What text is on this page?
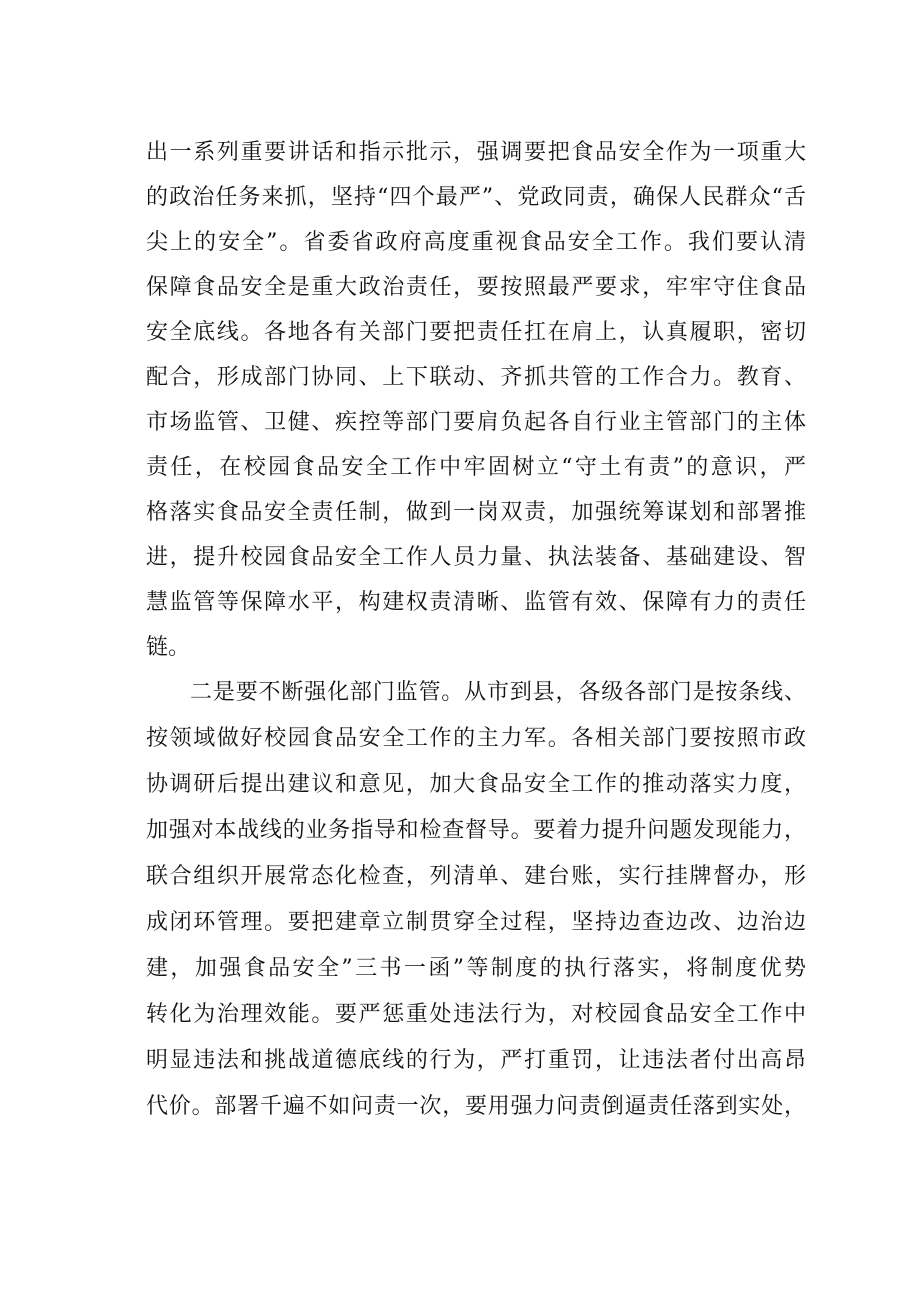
出一系列重要讲话和指示批示，强调要把食品安全作为一项重大
的政治任务来抓，坚持“四个最严”、党政同责，确保人民群众“舌
尖上的安全”。省委省政府高度重视食品安全工作。我们要认清
保障食品安全是重大政治责任，要按照最严要求，牢牢守住食品
安全底线。各地各有关部门要把责任扛在肩上，认真履职，密切
配合，形成部门协同、上下联动、齐抓共管的工作合力。教育、
市场监管、卫健、疾控等部门要肩负起各自行业主管部门的主体
责任，在校园食品安全工作中牢固树立“守土有责”的意识，严
格落实食品安全责任制，做到一岗双责，加强统筹谋划和部署推
进，提升校园食品安全工作人员力量、执法装备、基础建设、智
慧监管等保障水平，构建权责清晰、监管有效、保障有力的责任
链。
二是要不断强化部门监管。从市到县，各级各部门是按条线、
按领域做好校园食品安全工作的主力军。各相关部门要按照市政
协调研后提出建议和意见，加大食品安全工作的推动落实力度，
加强对本战线的业务指导和检查督导。要着力提升问题发现能力，
联合组织开展常态化检查，列清单、建台账，实行挂牌督办，形
成闭环管理。要把建章立制贯穿全过程，坚持边查边改、边治边
建，加强食品安全”三书一函”等制度的执行落实，将制度优势
转化为治理效能。要严惩重处违法行为，对校园食品安全工作中
明显违法和挑战道德底线的行为，严打重罚，让违法者付出高昂
代价。部署千遍不如问责一次，要用强力问责倒逼责任落到实处，
